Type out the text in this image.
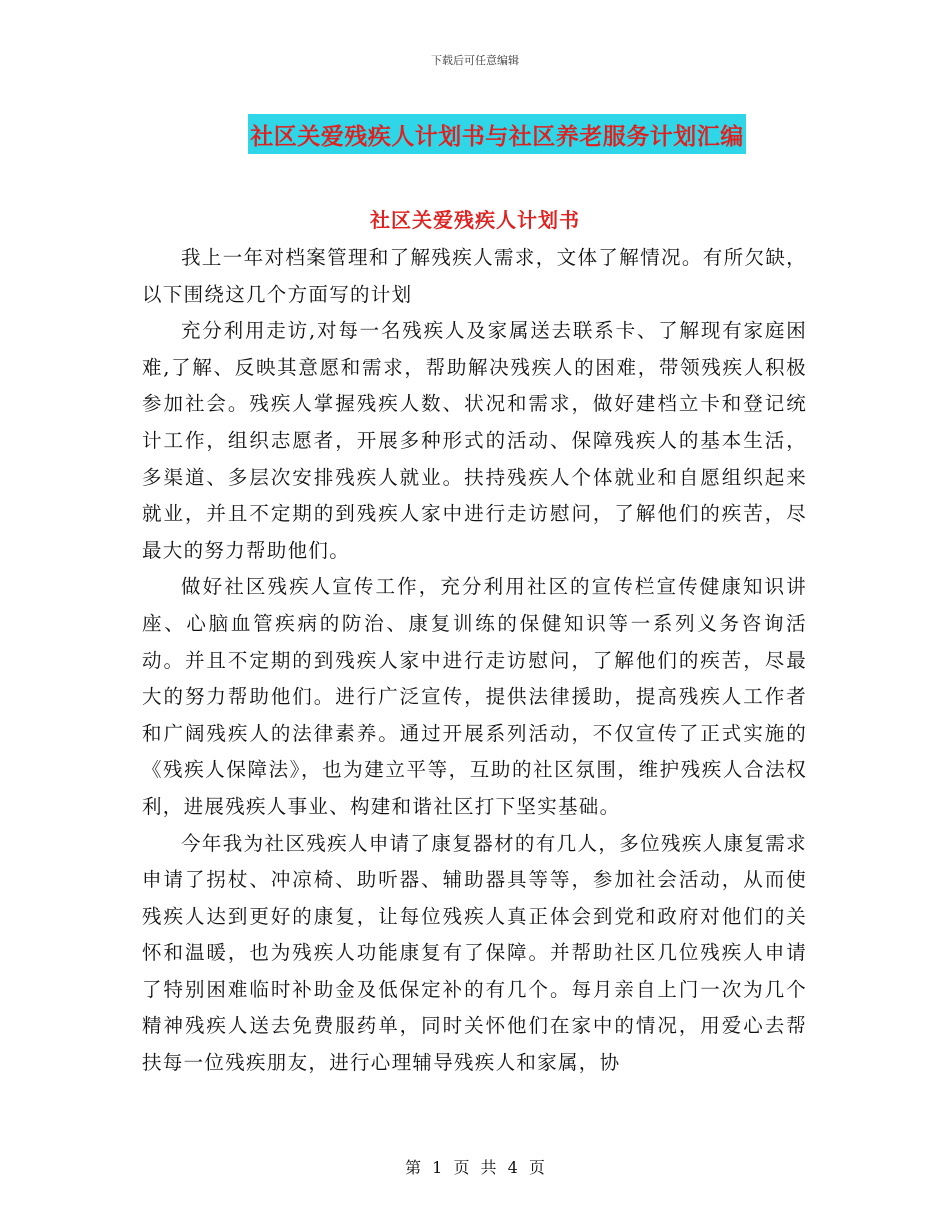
下载后可任意编辑
社区关爱残疾人计划书与社区养老服务计划汇编
社区关爱残疾人计划书

我上一年对档案管理和了解残疾人需求，文体了解情况。有所欠缺，以下围绕这几个方面写的计划

充分利用走访,对每一名残疾人及家属送去联系卡、了解现有家庭困难,了解、反映其意愿和需求，帮助解决残疾人的困难，带领残疾人积极参加社会。残疾人掌握残疾人数、状况和需求，做好建档立卡和登记统计工作，组织志愿者，开展多种形式的活动、保障残疾人的基本生活，多渠道、多层次安排残疾人就业。扶持残疾人个体就业和自愿组织起来就业，并且不定期的到残疾人家中进行走访慰问，了解他们的疾苦，尽最大的努力帮助他们。

做好社区残疾人宣传工作，充分利用社区的宣传栏宣传健康知识讲座、心脑血管疾病的防治、康复训练的保健知识等一系列义务咨询活动。并且不定期的到残疾人家中进行走访慰问，了解他们的疾苦，尽最大的努力帮助他们。进行广泛宣传，提供法律援助，提高残疾人工作者和广阔残疾人的法律素养。通过开展系列活动，不仅宣传了正式实施的《残疾人保障法》，也为建立平等，互助的社区氛围，维护残疾人合法权利，进展残疾人事业、构建和谐社区打下坚实基础。

今年我为社区残疾人申请了康复器材的有几人，多位残疾人康复需求申请了拐杖、冲凉椅、助听器、辅助器具等等，参加社会活动，从而使残疾人达到更好的康复，让每位残疾人真正体会到党和政府对他们的关怀和温暖，也为残疾人功能康复有了保障。并帮助社区几位残疾人申请了特别困难临时补助金及低保定补的有几个。每月亲自上门一次为几个精神残疾人送去免费服药单，同时关怀他们在家中的情况，用爱心去帮扶每一位残疾朋友，进行心理辅导残疾人和家属，协

第 1 页 共 4 页
